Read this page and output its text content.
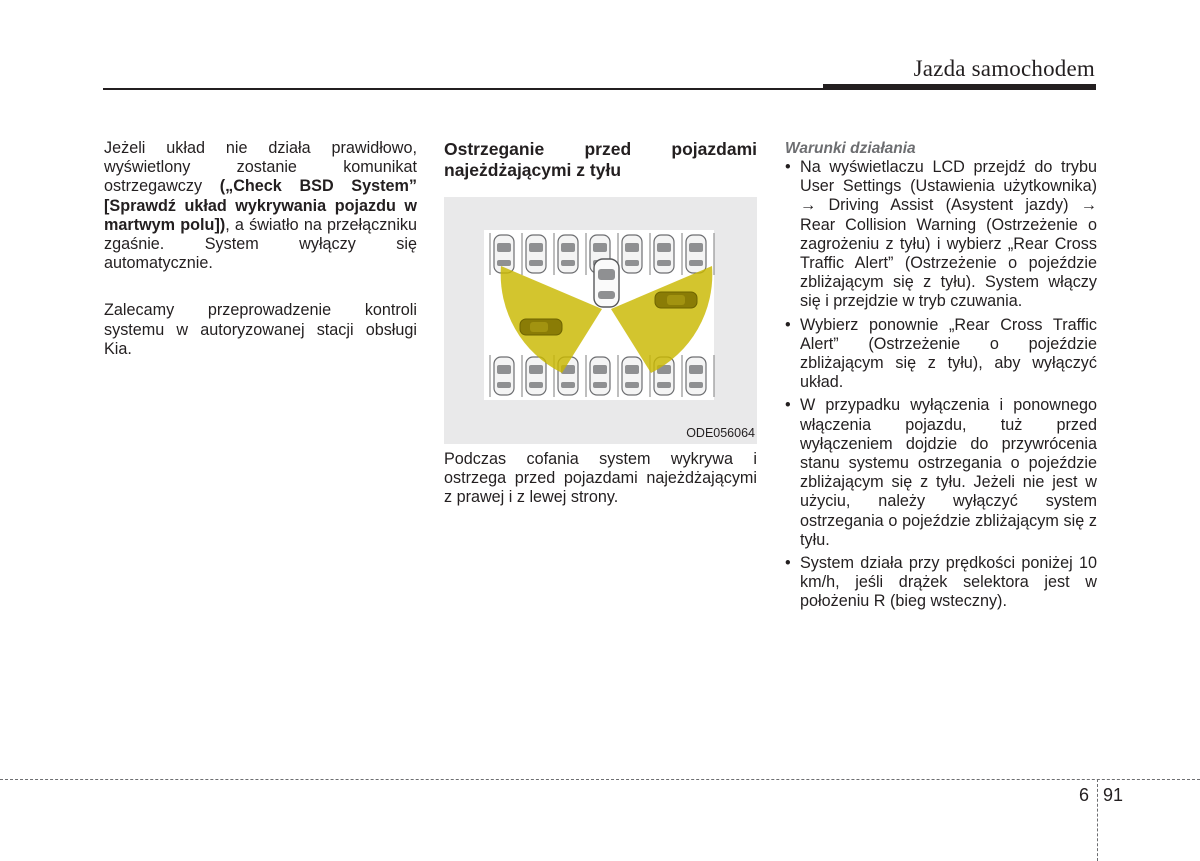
Jazda samochodem

Jeżeli układ nie działa prawidłowo, wyświetlony zostanie komunikat ostrzegawczy („Check BSD System” [Sprawdź układ wykrywania pojazdu w martwym polu]), a światło na przełączniku zgaśnie. System wyłączy się automatycznie.

Zalecamy przeprowadzenie kontroli systemu w autoryzowanej stacji obsługi Kia.

Ostrzeganie przed pojazdami najeżdżającymi z tyłu

ODE056064

Podczas cofania system wykrywa i ostrzega przed pojazdami najeżdżającymi z prawej i z lewej strony.

Warunki działania

• Na wyświetlaczu LCD przejdź do trybu User Settings (Ustawienia użytkownika) → Driving Assist (Asystent jazdy) → Rear Collision Warning (Ostrzeżenie o zagrożeniu z tyłu) i wybierz „Rear Cross Traffic Alert” (Ostrzeżenie o pojeździe zbliżającym się z tyłu). System włączy się i przejdzie w tryb czuwania.
• Wybierz ponownie „Rear Cross Traffic Alert” (Ostrzeżenie o pojeździe zbliżającym się z tyłu), aby wyłączyć układ.
• W przypadku wyłączenia i ponownego włączenia pojazdu, tuż przed wyłączeniem dojdzie do przywrócenia stanu systemu ostrzegania o pojeździe zbliżającym się z tyłu. Jeżeli nie jest w użyciu, należy wyłączyć system ostrzegania o pojeździe zbliżającym się z tyłu.
• System działa przy prędkości poniżej 10 km/h, jeśli drążek selektora jest w położeniu R (bieg wsteczny).
6 91
